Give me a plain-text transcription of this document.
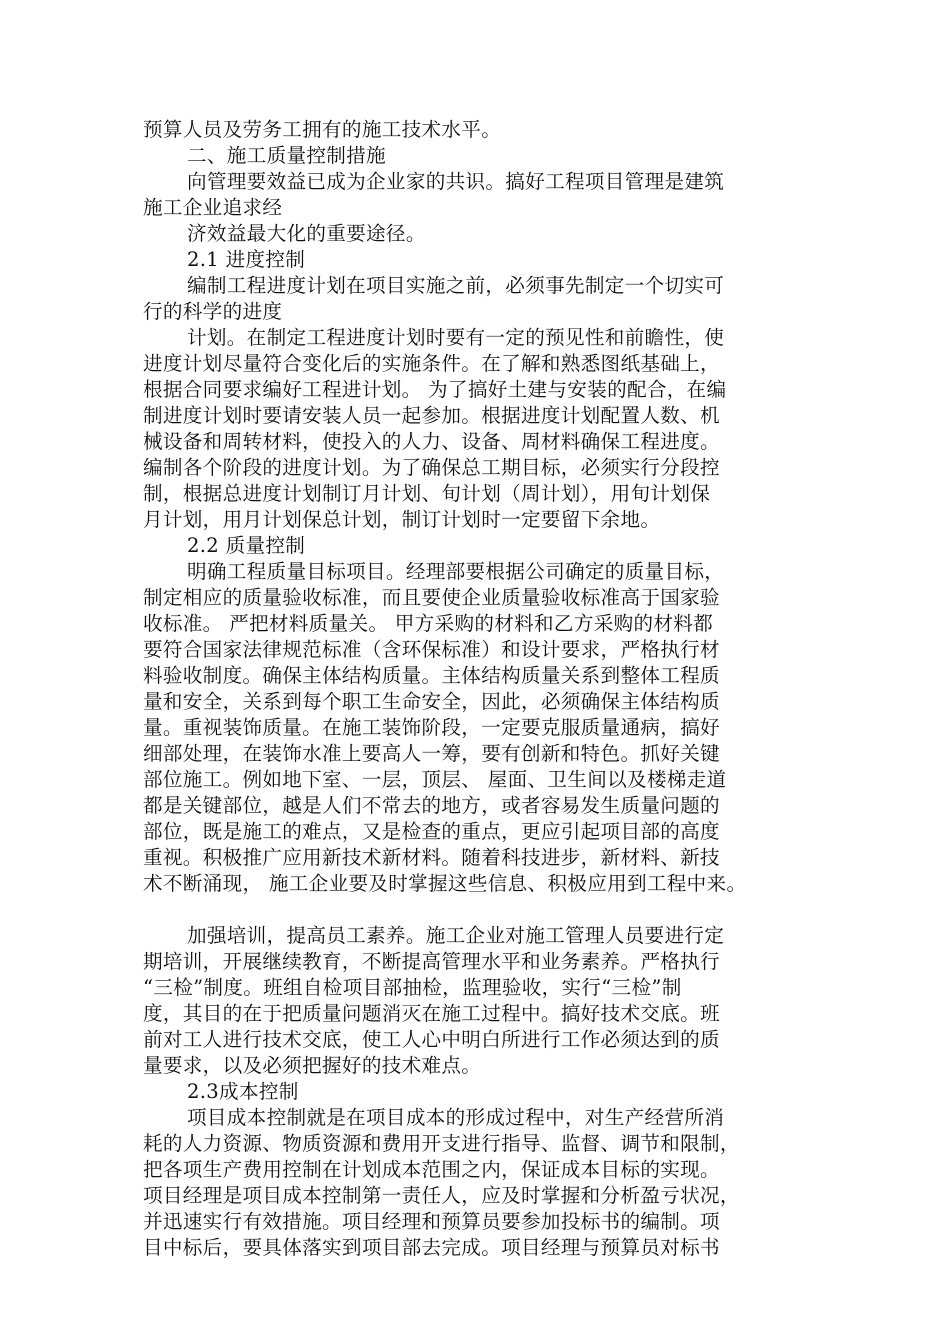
预算人员及劳务工拥有的施工技术水平。
二、施工质量控制措施
向管理要效益已成为企业家的共识。搞好工程项目管理是建筑
施工企业追求经
济效益最大化的重要途径。
2.1 进度控制
编制工程进度计划在项目实施之前，必须事先制定一个切实可
行的科学的进度
计划。在制定工程进度计划时要有一定的预见性和前瞻性，使
进度计划尽量符合变化后的实施条件。在了解和熟悉图纸基础上，
根据合同要求编好工程进计划。 为了搞好土建与安装的配合，在编
制进度计划时要请安装人员一起参加。根据进度计划配置人数、机
械设备和周转材料，使投入的人力、设备、周材料确保工程进度。
编制各个阶段的进度计划。为了确保总工期目标，必须实行分段控
制，根据总进度计划制订月计划、旬计划（周计划），用旬计划保
月计划，用月计划保总计划，制订计划时一定要留下余地。
2.2 质量控制
明确工程质量目标项目。经理部要根据公司确定的质量目标，
制定相应的质量验收标准，而且要使企业质量验收标准高于国家验
收标准。 严把材料质量关。 甲方采购的材料和乙方采购的材料都
要符合国家法律规范标准（含环保标准）和设计要求，严格执行材
料验收制度。确保主体结构质量。主体结构质量关系到整体工程质
量和安全，关系到每个职工生命安全，因此，必须确保主体结构质
量。重视装饰质量。在施工装饰阶段，一定要克服质量通病，搞好
细部处理，在装饰水准上要高人一筹，要有创新和特色。抓好关键
部位施工。例如地下室、一层，顶层、 屋面、卫生间以及楼梯走道
都是关键部位，越是人们不常去的地方，或者容易发生质量问题的
部位，既是施工的难点，又是检查的重点，更应引起项目部的高度
重视。积极推广应用新技术新材料。随着科技进步，新材料、新技
术不断涌现， 施工企业要及时掌握这些信息、积极应用到工程中来。
加强培训，提高员工素养。施工企业对施工管理人员要进行定
期培训，开展继续教育，不断提高管理水平和业务素养。严格执行
“三检”制度。班组自检项目部抽检，监理验收，实行“三检”制
度，其目的在于把质量问题消灭在施工过程中。搞好技术交底。班
前对工人进行技术交底，使工人心中明白所进行工作必须达到的质
量要求，以及必须把握好的技术难点。
2.3成本控制
项目成本控制就是在项目成本的形成过程中，对生产经营所消
耗的人力资源、物质资源和费用开支进行指导、监督、调节和限制，
把各项生产费用控制在计划成本范围之内，保证成本目标的实现。
项目经理是项目成本控制第一责任人，应及时掌握和分析盈亏状况，
并迅速实行有效措施。项目经理和预算员要参加投标书的编制。项
目中标后，要具体落实到项目部去完成。项目经理与预算员对标书
